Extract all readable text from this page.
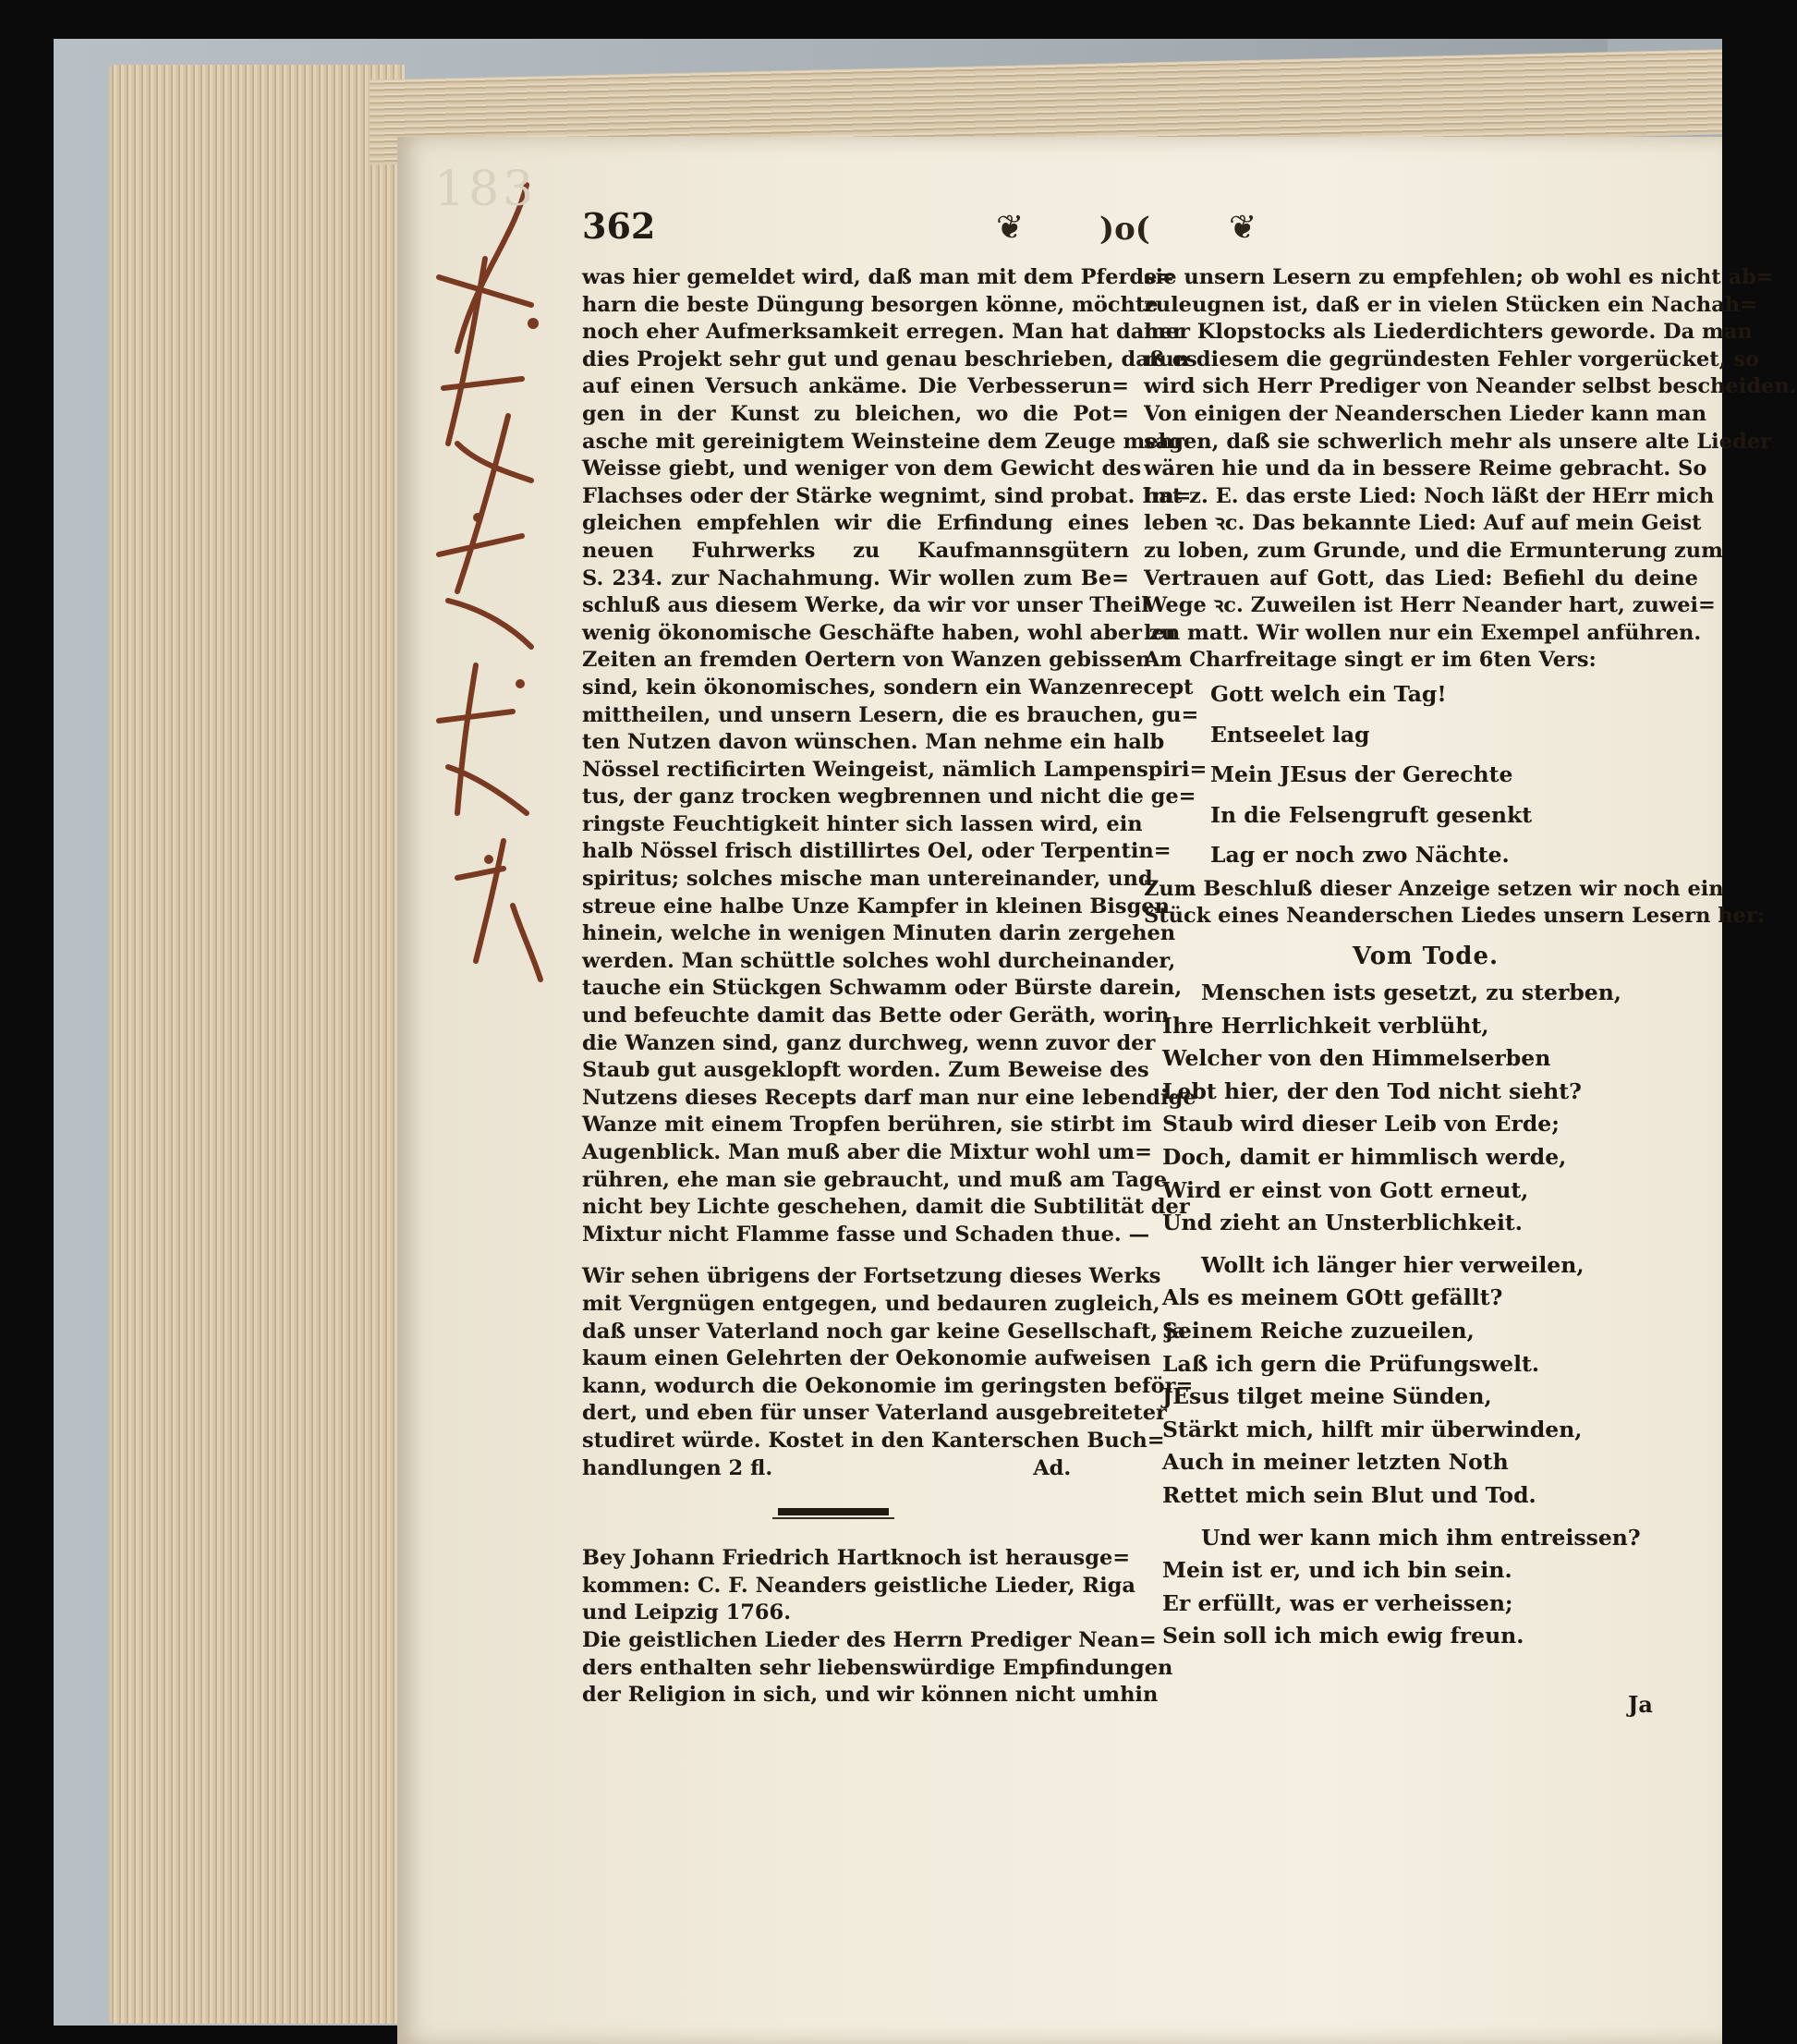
183
362	❦ )o( ❦
was hier gemeldet wird, daß man mit dem Pferde=
harn die beste Düngung besorgen könne, möchte
noch eher Aufmerksamkeit erregen. Man hat daher
dies Projekt sehr gut und genau beschrieben, daß es
auf einen Versuch ankäme. Die Verbesserun=
gen in der Kunst zu bleichen, wo die Pot=
asche mit gereinigtem Weinsteine dem Zeuge mehr
Weisse giebt, und weniger von dem Gewicht des
Flachses oder der Stärke wegnimt, sind probat. Im=
gleichen empfehlen wir die Erfindung eines
neuen Fuhrwerks zu Kaufmannsgütern
S. 234. zur Nachahmung. Wir wollen zum Be=
schluß aus diesem Werke, da wir vor unser Theil
wenig ökonomische Geschäfte haben, wohl aber zu
Zeiten an fremden Oertern von Wanzen gebissen
sind, kein ökonomisches, sondern ein Wanzenrecept
mittheilen, und unsern Lesern, die es brauchen, gu=
ten Nutzen davon wünschen. Man nehme ein halb
Nössel rectificirten Weingeist, nämlich Lampenspiri=
tus, der ganz trocken wegbrennen und nicht die ge=
ringste Feuchtigkeit hinter sich lassen wird, ein
halb Nössel frisch distillirtes Oel, oder Terpentin=
spiritus; solches mische man untereinander, und
streue eine halbe Unze Kampfer in kleinen Bisgen
hinein, welche in wenigen Minuten darin zergehen
werden. Man schüttle solches wohl durcheinander,
tauche ein Stückgen Schwamm oder Bürste darein,
und befeuchte damit das Bette oder Geräth, worin
die Wanzen sind, ganz durchweg, wenn zuvor der
Staub gut ausgeklopft worden. Zum Beweise des
Nutzens dieses Recepts darf man nur eine lebendige
Wanze mit einem Tropfen berühren, sie stirbt im
Augenblick. Man muß aber die Mixtur wohl um=
rühren, ehe man sie gebraucht, und muß am Tage
nicht bey Lichte geschehen, damit die Subtilität der
Mixtur nicht Flamme fasse und Schaden thue. —
Wir sehen übrigens der Fortsetzung dieses Werks
mit Vergnügen entgegen, und bedauren zugleich,
daß unser Vaterland noch gar keine Gesellschaft, ja
kaum einen Gelehrten der Oekonomie aufweisen
kann, wodurch die Oekonomie im geringsten beför=
dert, und eben für unser Vaterland ausgebreiteter
studiret würde. Kostet in den Kanterschen Buch=
handlungen 2 fl.                                    Ad.
Bey Johann Friedrich Hartknoch ist herausge=
kommen: C. F. Neanders geistliche Lieder, Riga
und Leipzig 1766.
Die geistlichen Lieder des Herrn Prediger Nean=
ders enthalten sehr liebenswürdige Empfindungen
der Religion in sich, und wir können nicht umhin
sie unsern Lesern zu empfehlen; ob wohl es nicht ab=
zuleugnen ist, daß er in vielen Stücken ein Nachah=
mer Klopstocks als Liederdichters geworde. Da man
nun diesem die gegründesten Fehler vorgerücket, so
wird sich Herr Prediger von Neander selbst bescheiden.
Von einigen der Neanderschen Lieder kann man
sagen, daß sie schwerlich mehr als unsere alte Lieder
wären hie und da in bessere Reime gebracht. So
hat z. E. das erste Lied: Noch läßt der HErr mich
leben ꝛc. Das bekannte Lied: Auf auf mein Geist
zu loben, zum Grunde, und die Ermunterung zum
Vertrauen auf Gott, das Lied: Befiehl du deine
Wege ꝛc. Zuweilen ist Herr Neander hart, zuwei=
len matt. Wir wollen nur ein Exempel anführen.
Am Charfreitage singt er im 6ten Vers:
Gott welch ein Tag!
Entseelet lag
Mein JEsus der Gerechte
In die Felsengruft gesenkt
Lag er noch zwo Nächte.
Zum Beschluß dieser Anzeige setzen wir noch ein
Stück eines Neanderschen Liedes unsern Lesern her:
Vom Tode.
Menschen ists gesetzt, zu sterben,
Ihre Herrlichkeit verblüht,
Welcher von den Himmelserben
Lebt hier, der den Tod nicht sieht?
Staub wird dieser Leib von Erde;
Doch, damit er himmlisch werde,
Wird er einst von Gott erneut,
Und zieht an Unsterblichkeit.
Wollt ich länger hier verweilen,
Als es meinem GOtt gefällt?
Seinem Reiche zuzueilen,
Laß ich gern die Prüfungswelt.
JEsus tilget meine Sünden,
Stärkt mich, hilft mir überwinden,
Auch in meiner letzten Noth
Rettet mich sein Blut und Tod.
Und wer kann mich ihm entreissen?
Mein ist er, und ich bin sein.
Er erfüllt, was er verheissen;
Sein soll ich mich ewig freun.
Ja
